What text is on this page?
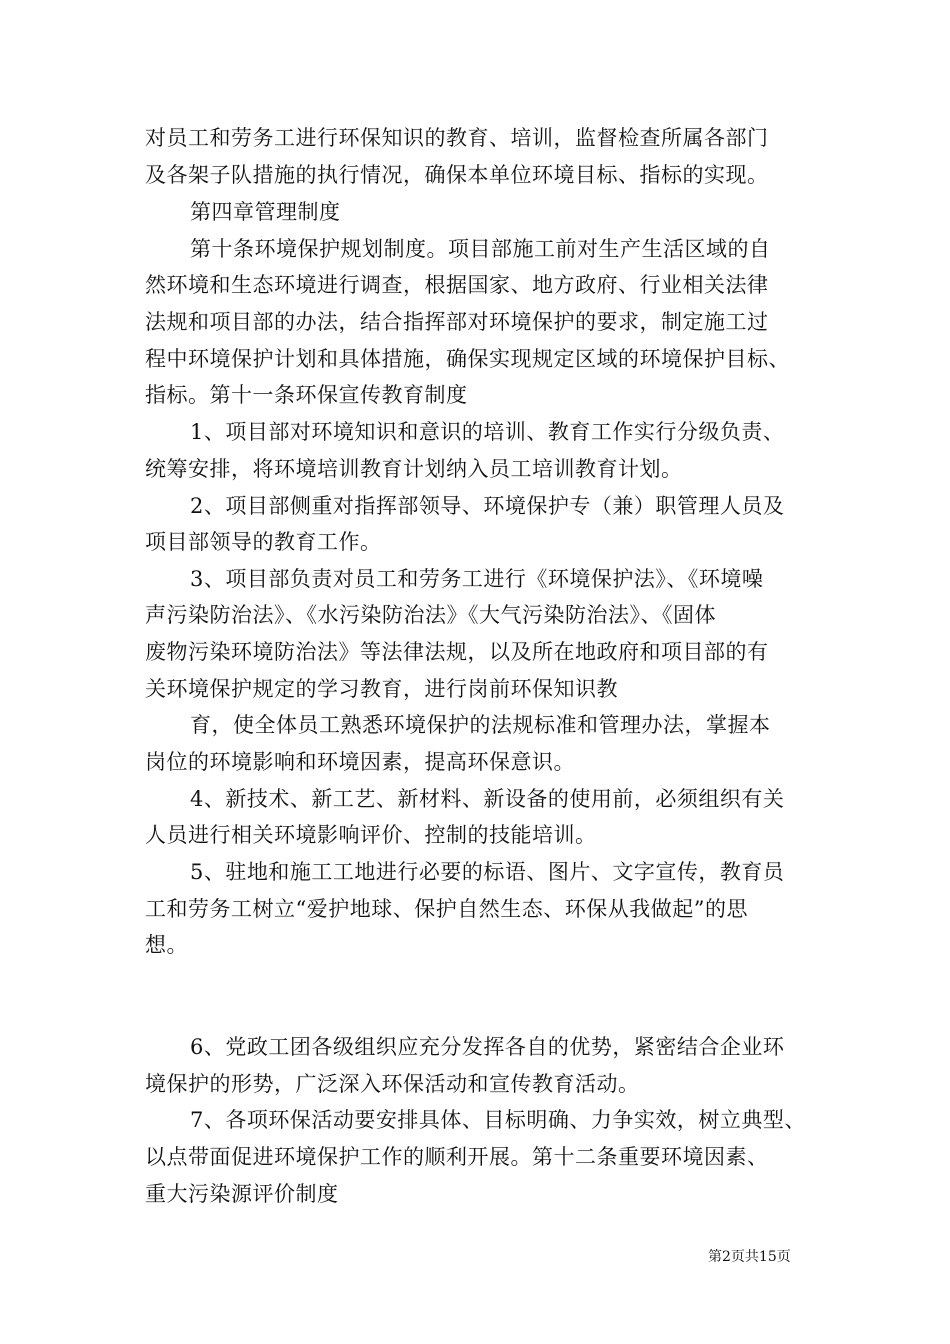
对员工和劳务工进行环保知识的教育、培训，监督检查所属各部门
及各架子队措施的执行情况，确保本单位环境目标、指标的实现。
第四章管理制度
第十条环境保护规划制度。项目部施工前对生产生活区域的自
然环境和生态环境进行调查，根据国家、地方政府、行业相关法律
法规和项目部的办法，结合指挥部对环境保护的要求，制定施工过
程中环境保护计划和具体措施，确保实现规定区域的环境保护目标、
指标。第十一条环保宣传教育制度
1、项目部对环境知识和意识的培训、教育工作实行分级负责、
统筹安排，将环境培训教育计划纳入员工培训教育计划。
2、项目部侧重对指挥部领导、环境保护专（兼）职管理人员及
项目部领导的教育工作。
3、项目部负责对员工和劳务工进行《环境保护法》、《环境噪
声污染防治法》、《水污染防治法》《大气污染防治法》、《固体
废物污染环境防治法》等法律法规，以及所在地政府和项目部的有
关环境保护规定的学习教育，进行岗前环保知识教
育，使全体员工熟悉环境保护的法规标准和管理办法，掌握本
岗位的环境影响和环境因素，提高环保意识。
4、新技术、新工艺、新材料、新设备的使用前，必须组织有关
人员进行相关环境影响评价、控制的技能培训。
5、驻地和施工工地进行必要的标语、图片、文字宣传，教育员
工和劳务工树立“爱护地球、保护自然生态、环保从我做起”的思
想。
6、党政工团各级组织应充分发挥各自的优势，紧密结合企业环
境保护的形势，广泛深入环保活动和宣传教育活动。
7、各项环保活动要安排具体、目标明确、力争实效，树立典型、
以点带面促进环境保护工作的顺利开展。第十二条重要环境因素、
重大污染源评价制度
第2页共15页
